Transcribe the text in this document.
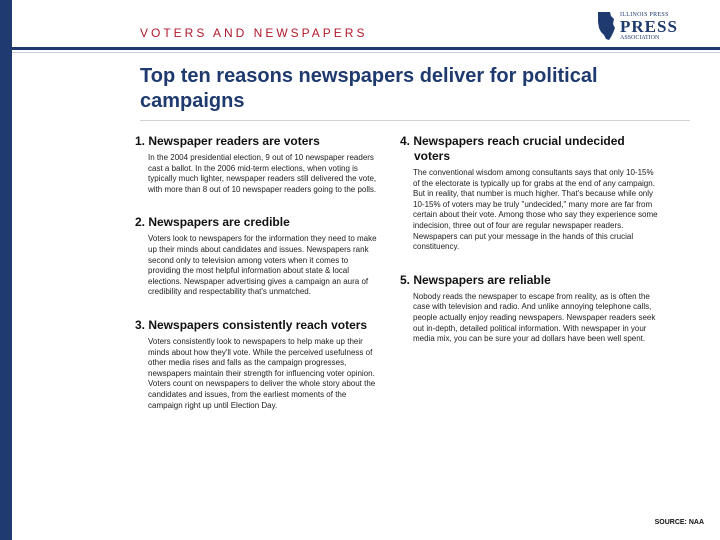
VOTERS AND NEWSPAPERS
ILLINOIS PRESS
PRESS
ASSOCIATION
Top ten reasons newspapers deliver for political campaigns
1. Newspaper readers are voters

In the 2004 presidential election, 9 out of 10 newspaper readers cast a ballot. In the 2006 mid-term elections, when voting is typically much lighter, newspaper readers still delivered the vote, with more than 8 out of 10 newspaper readers going to the polls.

2. Newspapers are credible

Voters look to newspapers for the information they need to make up their minds about candidates and issues. Newspapers rank second only to television among voters when it comes to providing the most helpful information about state & local elections. Newspaper advertising gives a campaign an aura of credibility and respectability that's unmatched.

3. Newspapers consistently reach voters

Voters consistently look to newspapers to help make up their minds about how they'll vote. While the perceived usefulness of other media rises and falls as the campaign progresses, newspapers maintain their strength for influencing voter opinion. Voters count on newspapers to deliver the whole story about the candidates and issues, from the earliest moments of the campaign right up until Election Day.

4. Newspapers reach crucial undecided voters

The conventional wisdom among consultants says that only 10-15% of the electorate is typically up for grabs at the end of any campaign. But in reality, that number is much higher. That's because while only 10-15% of voters may be truly "undecided," many more are far from certain about their vote. Among those who say they experience some indecision, three out of four are regular newspaper readers. Newspapers can put your message in the hands of this crucial constituency.

5. Newspapers are reliable

Nobody reads the newspaper to escape from reality, as is often the case with television and radio. And unlike annoying telephone calls, people actually enjoy reading newspapers. Newspaper readers seek out in-depth, detailed political information. With newspaper in your media mix, you can be sure your ad dollars have been well spent.

SOURCE: NAA
